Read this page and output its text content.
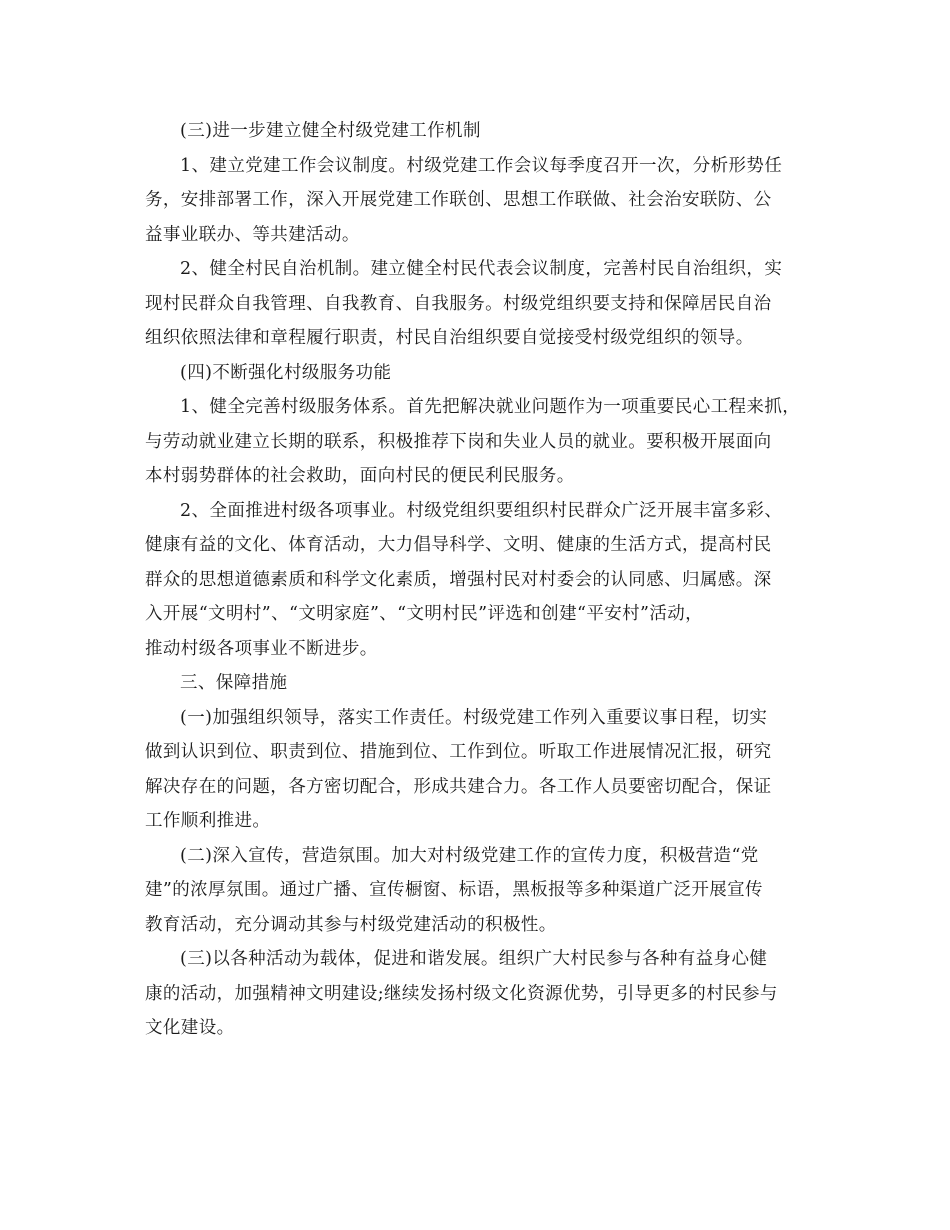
(三)进一步建立健全村级党建工作机制

1、建立党建工作会议制度。村级党建工作会议每季度召开一次，分析形势任
务，安排部署工作，深入开展党建工作联创、思想工作联做、社会治安联防、公
益事业联办、等共建活动。

2、健全村民自治机制。建立健全村民代表会议制度，完善村民自治组织，实
现村民群众自我管理、自我教育、自我服务。村级党组织要支持和保障居民自治
组织依照法律和章程履行职责，村民自治组织要自觉接受村级党组织的领导。

(四)不断强化村级服务功能

1、健全完善村级服务体系。首先把解决就业问题作为一项重要民心工程来抓，
与劳动就业建立长期的联系，积极推荐下岗和失业人员的就业。要积极开展面向
本村弱势群体的社会救助，面向村民的便民利民服务。

2、全面推进村级各项事业。村级党组织要组织村民群众广泛开展丰富多彩、
健康有益的文化、体育活动，大力倡导科学、文明、健康的生活方式，提高村民
群众的思想道德素质和科学文化素质，增强村民对村委会的认同感、归属感。深
入开展“文明村”、“文明家庭”、“文明村民”评选和创建“平安村”活动，
推动村级各项事业不断进步。

三、保障措施

(一)加强组织领导，落实工作责任。村级党建工作列入重要议事日程，切实
做到认识到位、职责到位、措施到位、工作到位。听取工作进展情况汇报，研究
解决存在的问题，各方密切配合，形成共建合力。各工作人员要密切配合，保证
工作顺利推进。

(二)深入宣传，营造氛围。加大对村级党建工作的宣传力度，积极营造“党
建”的浓厚氛围。通过广播、宣传橱窗、标语，黑板报等多种渠道广泛开展宣传
教育活动，充分调动其参与村级党建活动的积极性。

(三)以各种活动为载体，促进和谐发展。组织广大村民参与各种有益身心健
康的活动，加强精神文明建设;继续发扬村级文化资源优势，引导更多的村民参与
文化建设。
